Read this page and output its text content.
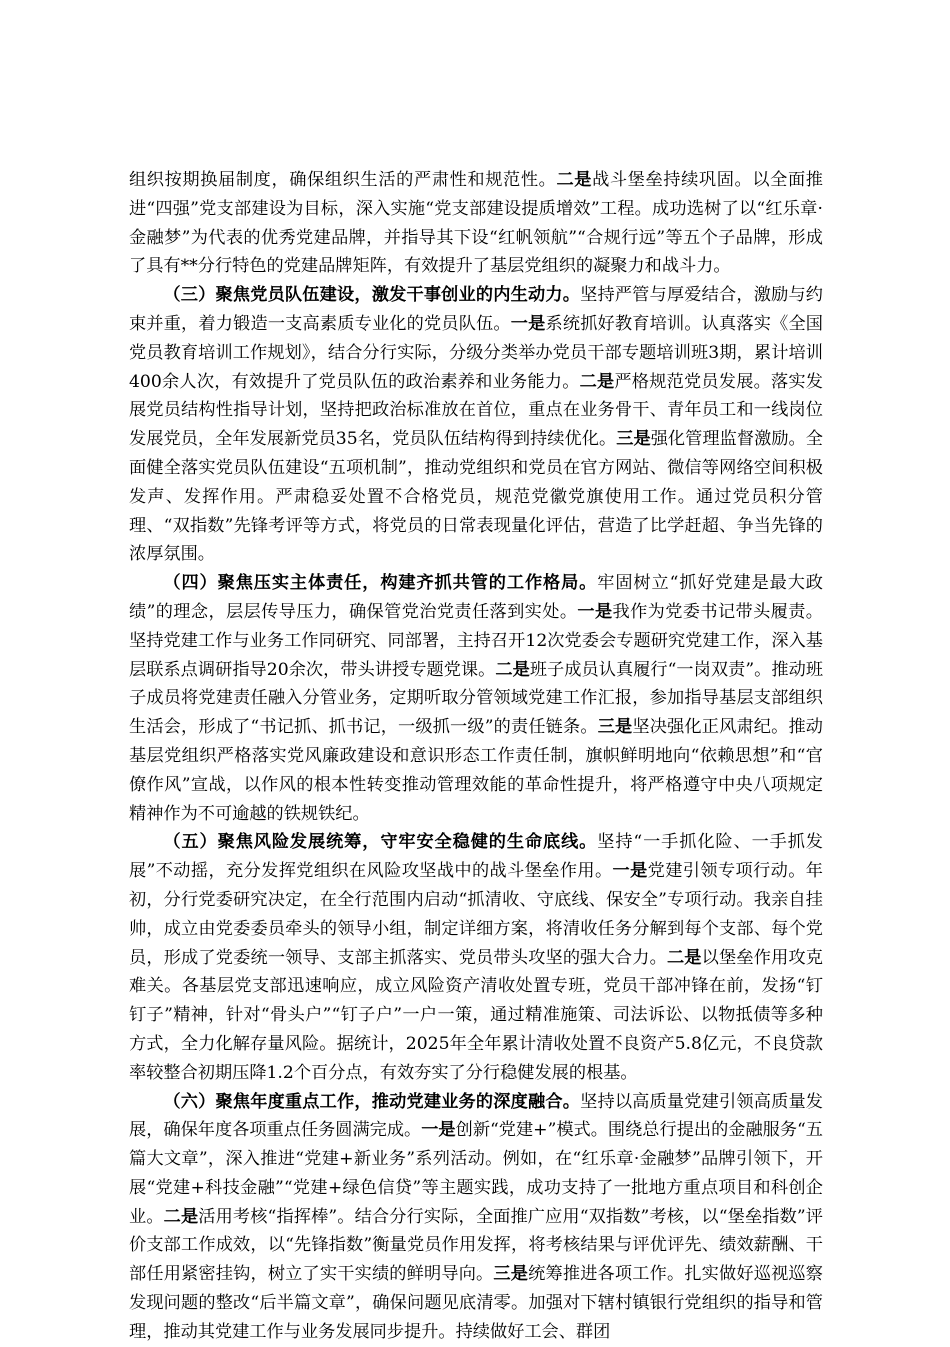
组织按期换届制度，确保组织生活的严肃性和规范性。二是战斗堡垒持续巩固。以全面推进“四强”党支部建设为目标，深入实施“党支部建设提质增效”工程。成功选树了以“红乐章·金融梦”为代表的优秀党建品牌，并指导其下设“红帆领航”“合规行远”等五个子品牌，形成了具有**分行特色的党建品牌矩阵，有效提升了基层党组织的凝聚力和战斗力。

（三）聚焦党员队伍建设，激发干事创业的内生动力。坚持严管与厚爱结合，激励与约束并重，着力锻造一支高素质专业化的党员队伍。一是系统抓好教育培训。认真落实《全国党员教育培训工作规划》，结合分行实际，分级分类举办党员干部专题培训班3期，累计培训400余人次，有效提升了党员队伍的政治素养和业务能力。二是严格规范党员发展。落实发展党员结构性指导计划，坚持把政治标准放在首位，重点在业务骨干、青年员工和一线岗位发展党员，全年发展新党员35名，党员队伍结构得到持续优化。三是强化管理监督激励。全面健全落实党员队伍建设“五项机制”，推动党组织和党员在官方网站、微信等网络空间积极发声、发挥作用。严肃稳妥处置不合格党员，规范党徽党旗使用工作。通过党员积分管理、“双指数”先锋考评等方式，将党员的日常表现量化评估，营造了比学赶超、争当先锋的浓厚氛围。

（四）聚焦压实主体责任，构建齐抓共管的工作格局。牢固树立“抓好党建是最大政绩”的理念，层层传导压力，确保管党治党责任落到实处。一是我作为党委书记带头履责。坚持党建工作与业务工作同研究、同部署，主持召开12次党委会专题研究党建工作，深入基层联系点调研指导20余次，带头讲授专题党课。二是班子成员认真履行“一岗双责”。推动班子成员将党建责任融入分管业务，定期听取分管领域党建工作汇报，参加指导基层支部组织生活会，形成了“书记抓、抓书记，一级抓一级”的责任链条。三是坚决强化正风肃纪。推动基层党组织严格落实党风廉政建设和意识形态工作责任制，旗帜鲜明地向“依赖思想”和“官僚作风”宣战，以作风的根本性转变推动管理效能的革命性提升，将严格遵守中央八项规定精神作为不可逾越的铁规铁纪。

（五）聚焦风险发展统筹，守牢安全稳健的生命底线。坚持“一手抓化险、一手抓发展”不动摇，充分发挥党组织在风险攻坚战中的战斗堡垒作用。一是党建引领专项行动。年初，分行党委研究决定，在全行范围内启动“抓清收、守底线、保安全”专项行动。我亲自挂帅，成立由党委委员牵头的领导小组，制定详细方案，将清收任务分解到每个支部、每个党员，形成了党委统一领导、支部主抓落实、党员带头攻坚的强大合力。二是以堡垒作用攻克难关。各基层党支部迅速响应，成立风险资产清收处置专班，党员干部冲锋在前，发扬“钉钉子”精神，针对“骨头户”“钉子户”一户一策，通过精准施策、司法诉讼、以物抵债等多种方式，全力化解存量风险。据统计，2025年全年累计清收处置不良资产5.8亿元，不良贷款率较整合初期压降1.2个百分点，有效夯实了分行稳健发展的根基。

（六）聚焦年度重点工作，推动党建业务的深度融合。坚持以高质量党建引领高质量发展，确保年度各项重点任务圆满完成。一是创新“党建+”模式。围绕总行提出的金融服务“五篇大文章”，深入推进“党建+新业务”系列活动。例如，在“红乐章·金融梦”品牌引领下，开展“党建+科技金融”“党建+绿色信贷”等主题实践，成功支持了一批地方重点项目和科创企业。二是活用考核“指挥棒”。结合分行实际，全面推广应用“双指数”考核，以“堡垒指数”评价支部工作成效，以“先锋指数”衡量党员作用发挥，将考核结果与评优评先、绩效薪酬、干部任用紧密挂钩，树立了实干实绩的鲜明导向。三是统筹推进各项工作。扎实做好巡视巡察发现问题的整改“后半篇文章”，确保问题见底清零。加强对下辖村镇银行党组织的指导和管理，推动其党建工作与业务发展同步提升。持续做好工会、群团
